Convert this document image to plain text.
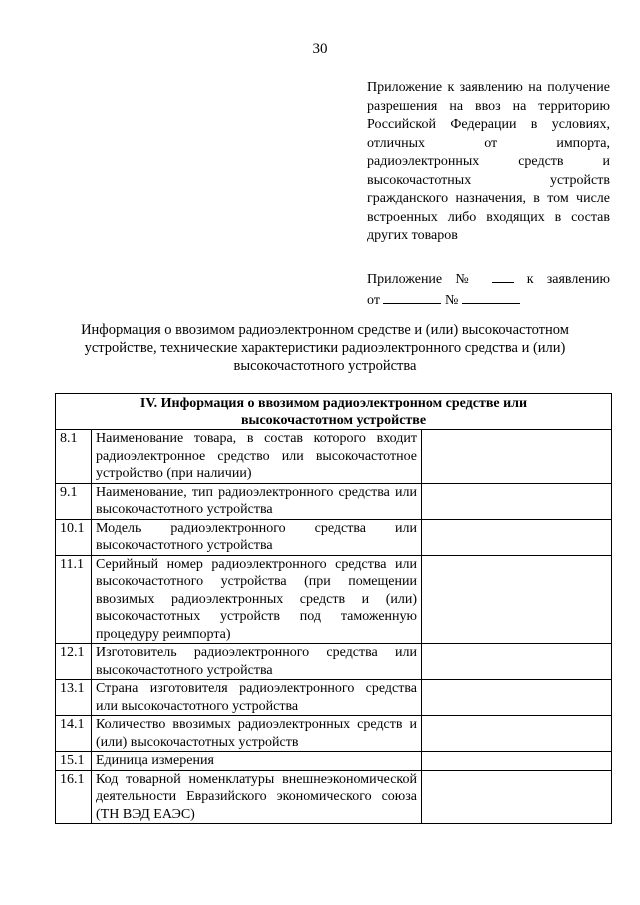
30
Приложение к заявлению на получение разрешения на ввоз на территорию Российской Федерации в условиях, отличных от импорта, радиоэлектронных средств и высокочастотных устройств гражданского назначения, в том числе встроенных либо входящих в состав других товаров
Приложение №	к заявлению
от	№
Информация о ввозимом радиоэлектронном средстве и (или) высокочастотном устройстве, технические характеристики радиоэлектронного средства и (или) высокочастотного устройства
IV. Информация о ввозимом радиоэлектронном средстве или высокочастотном устройстве		

8.1	Наименование товара, в состав которого входит радиоэлектронное средство или высокочастотное устройство (при наличии)	
9.1	Наименование, тип радиоэлектронного средства или высокочастотного устройства	
10.1	Модель радиоэлектронного средства или высокочастотного устройства	
11.1	Серийный номер радиоэлектронного средства или высокочастотного устройства (при помещении ввозимых радиоэлектронных средств и (или) высокочастотных устройств под таможенную процедуру реимпорта)	
12.1	Изготовитель радиоэлектронного средства или высокочастотного устройства	
13.1	Страна изготовителя радиоэлектронного средства или высокочастотного устройства	
14.1	Количество ввозимых радиоэлектронных средств и (или) высокочастотных устройств	
15.1	Единица измерения	
16.1	Код товарной номенклатуры внешнеэкономической деятельности Евразийского экономического союза (ТН ВЭД ЕАЭС)	
